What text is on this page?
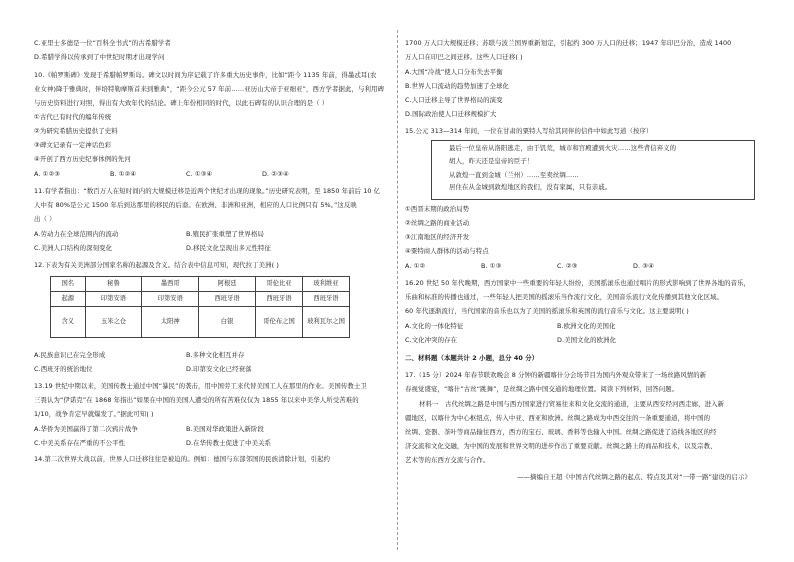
C.亚里士多德是一位“百科全书式”的古希腊学者
D.希腊学得以传承到了中世纪时期才出现学问
10.《帕罗斯碑》发现于希腊帕罗斯岛。碑文以时间为序记载了许多重大历史事件，比如“距今 1135 年前，得墨忒耳(农
业女神)降于雅典时，伴培特勒摩斯首来到雅典”，“距今公元 57 年前……亚历山大帝于亚细亚”，西方学者据此，与利用碑
与历史资料进行对照，得出有大致年代的结论。碑上年份相同的时代，以此石碑有的认识合理的是（ ）
①古代已有时代的编年传统
②为研究希腊历史提供了史料
③碑文记录有一定神话色彩
④开创了西方历史纪事体例的先河
A. ①②③	B. ①②④	C. ①③④	D. ②③④
11.有学者指出：“数百万人在短时间内的大规模迁移是近两个世纪才出现的现象。”历史研究表明，至 1850 年前后 10 亿
人中有 80%是公元 1500 年后到达那里的移民的后裔。在欧洲、非洲和亚洲，相应的人口比例只有 5%。”这反映
出（ ）
A.劳动力在全球范围内的流动	B.殖民扩张重塑了世界格局
C.美洲人口结构的深刻变化	D.移民文化呈现出多元性特征
12.下表为有关美洲部分国家名称的起源及含义。结合表中信息可知，现代拉丁美洲( )
国名	秘鲁	墨西哥	阿根廷	哥伦比亚	玻利维亚
起源	印第安语	印第安语	西班牙语	西班牙语	西班牙语
含义	玉米之仓	太阳神	白银	哥伦布之国	玻利瓦尔之国
A.民族意识已在完全形成	B.多种文化相互并存
C.西班牙的统治地位	D.印第安文化已经衰落
13.19 世纪中期以来，美国传教士通过中国“暴民”的袭击，用中国劳工来代替美国工人在那里的作业。美国传教士卫
三畏认为“伊诺克”在 1868 年指出“如果在中国的美国人遭受的所有苦难仅仅为 1855 年以来中美华人所受苦难的
1/10，战争肯定早就爆发了。”据此可知( )
A.华侨为美国赢得了第二次鸦片战争	B.美国对华政策进入新阶段
C.中美关系存在严重的不公平性	D.在华传教士促进了中美关系
14.第二次世界大战以前，世界人口迁移往往是被迫的。例如：德国与东部邻国的民族清除计划，引起约
1700 万人口大规模迁移；苏联与波兰国界重新划定，引起约 300 万人口的迁移；1947 年印巴分治，造成 1400
万人口在印巴之间迁移。这些人口迁移( )
A.大国“冷战”使人口分布失去平衡
B.世界人口流动的趋势加速了全球化
C.人口迁移主导了世界格局的演变
D.国际政治使人口迁移规模扩大
15.公元 313—314 年间，一位在甘肃的粟特人写给其同伴的信件中如此写道（按序）
最后一位皇帝从洛阳逃走，由于饥荒，城市和宫殿遭到火灾……这些背信弃义的
胡人，昨天还是皇帝的臣子！
从敦煌一直到金城（兰州）……至卖丝绸……
居住在从金城到敦煌地区的我们，没有家属，只有亲戚。
①西晋末期的政治局势
②丝绸之路的商业活动
③江南地区的经济开发
④粟特商人群体的活动与特点
A. ①②	B. ①③	C. ②③	D. ③④
16.20 世纪 50 年代晚期，西方国家中一些重要的年轻人纷纷，美国摇滚乐也通过唱片的形式影响到了世界各地的音乐，
乐曲和标准的传播也通过，一些年轻人把美国的摇滚乐当作流行文化，美国音乐流行文化传播到其他文化区域。
60 年代逐渐流行，当代国家的音乐也以为了美国的摇滚乐和英国的流行音乐与文化。这主要说明( )
A.文化的一体化特征	B.欧洲文化的美国化
C.文化冲突的存在	D.美国文化的欧洲化
二、材料题（本题共计 2 小题，总分 40 分）
17.（15 分）2024 年春节联欢晚会 8 分钟的新疆喀什分会场节目为国内外观众带来了一场丝路风情的新
春视觉盛宴，“喀什”古丝“跳舞”，是丝绸之路中国交通的地理位置。阅读下列材料，回答问题。
材料一　古代丝绸之路是中国与西方国家进行贸易往来和文化交流的通道，主要从西安经河西走廊，进入新
疆地区，以喀什为中心枢纽点，传入中亚、西亚和欧洲。丝绸之路成为中西交往的一条重要通道，将中国的
丝绸、瓷器、茶叶等商品输往西方，西方的宝石、玻璃、香料等也输入中国。丝绸之路促进了沿线各地区的经
济交流和文化交融，为中国的发展和世界文明的进步作出了重要贡献。丝绸之路上的商品和技术，以及宗教、
艺术等的东西方交流与合作。
——摘编自王超《中国古代丝绸之路的起点、特点及其对“一带一路”建设的启示》
